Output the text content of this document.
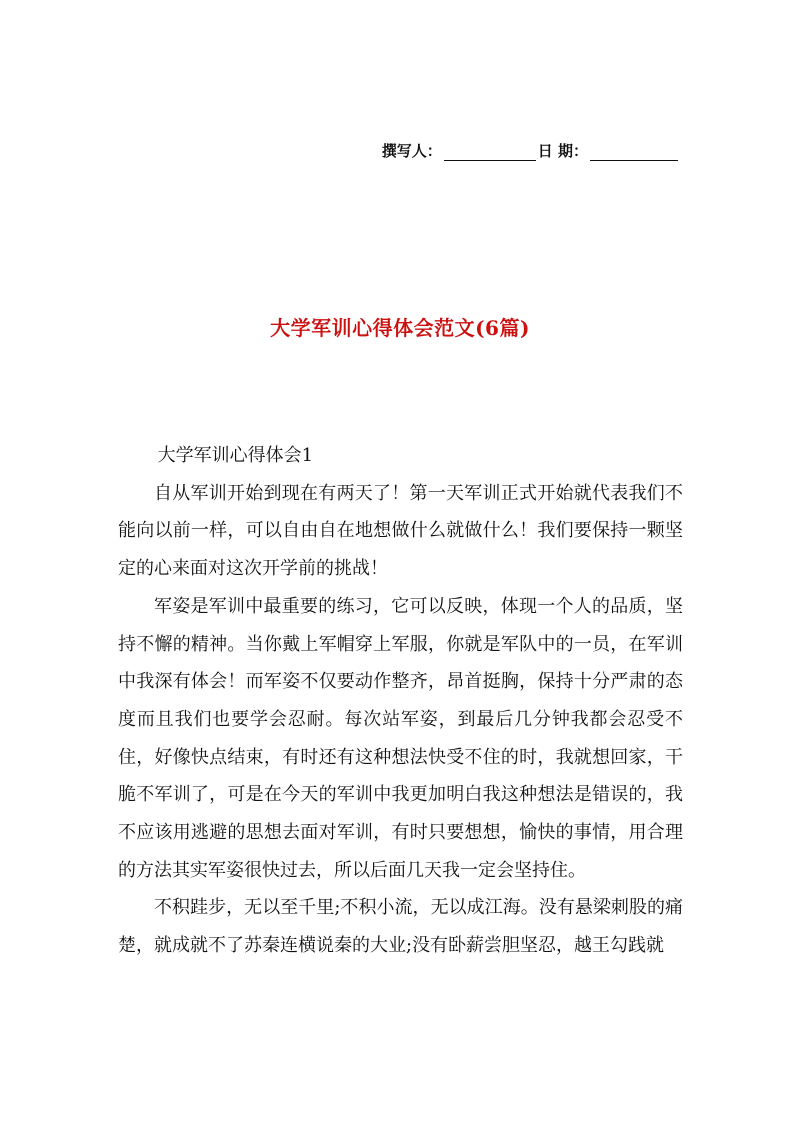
撰写人：	日 期：
大学军训心得体会范文(6篇)

大学军训心得体会1

自从军训开始到现在有两天了！第一天军训正式开始就代表我们不能向以前一样，可以自由自在地想做什么就做什么！我们要保持一颗坚定的心来面对这次开学前的挑战！

军姿是军训中最重要的练习，它可以反映，体现一个人的品质，坚持不懈的精神。当你戴上军帽穿上军服，你就是军队中的一员，在军训中我深有体会！而军姿不仅要动作整齐，昂首挺胸，保持十分严肃的态度而且我们也要学会忍耐。每次站军姿，到最后几分钟我都会忍受不住，好像快点结束，有时还有这种想法快受不住的时，我就想回家，干脆不军训了，可是在今天的军训中我更加明白我这种想法是错误的，我不应该用逃避的思想去面对军训，有时只要想想，愉快的事情，用合理的方法其实军姿很快过去，所以后面几天我一定会坚持住。

不积跬步，无以至千里;不积小流，无以成江海。没有悬梁刺股的痛楚，就成就不了苏秦连横说秦的大业;没有卧薪尝胆坚忍，越王勾践就
